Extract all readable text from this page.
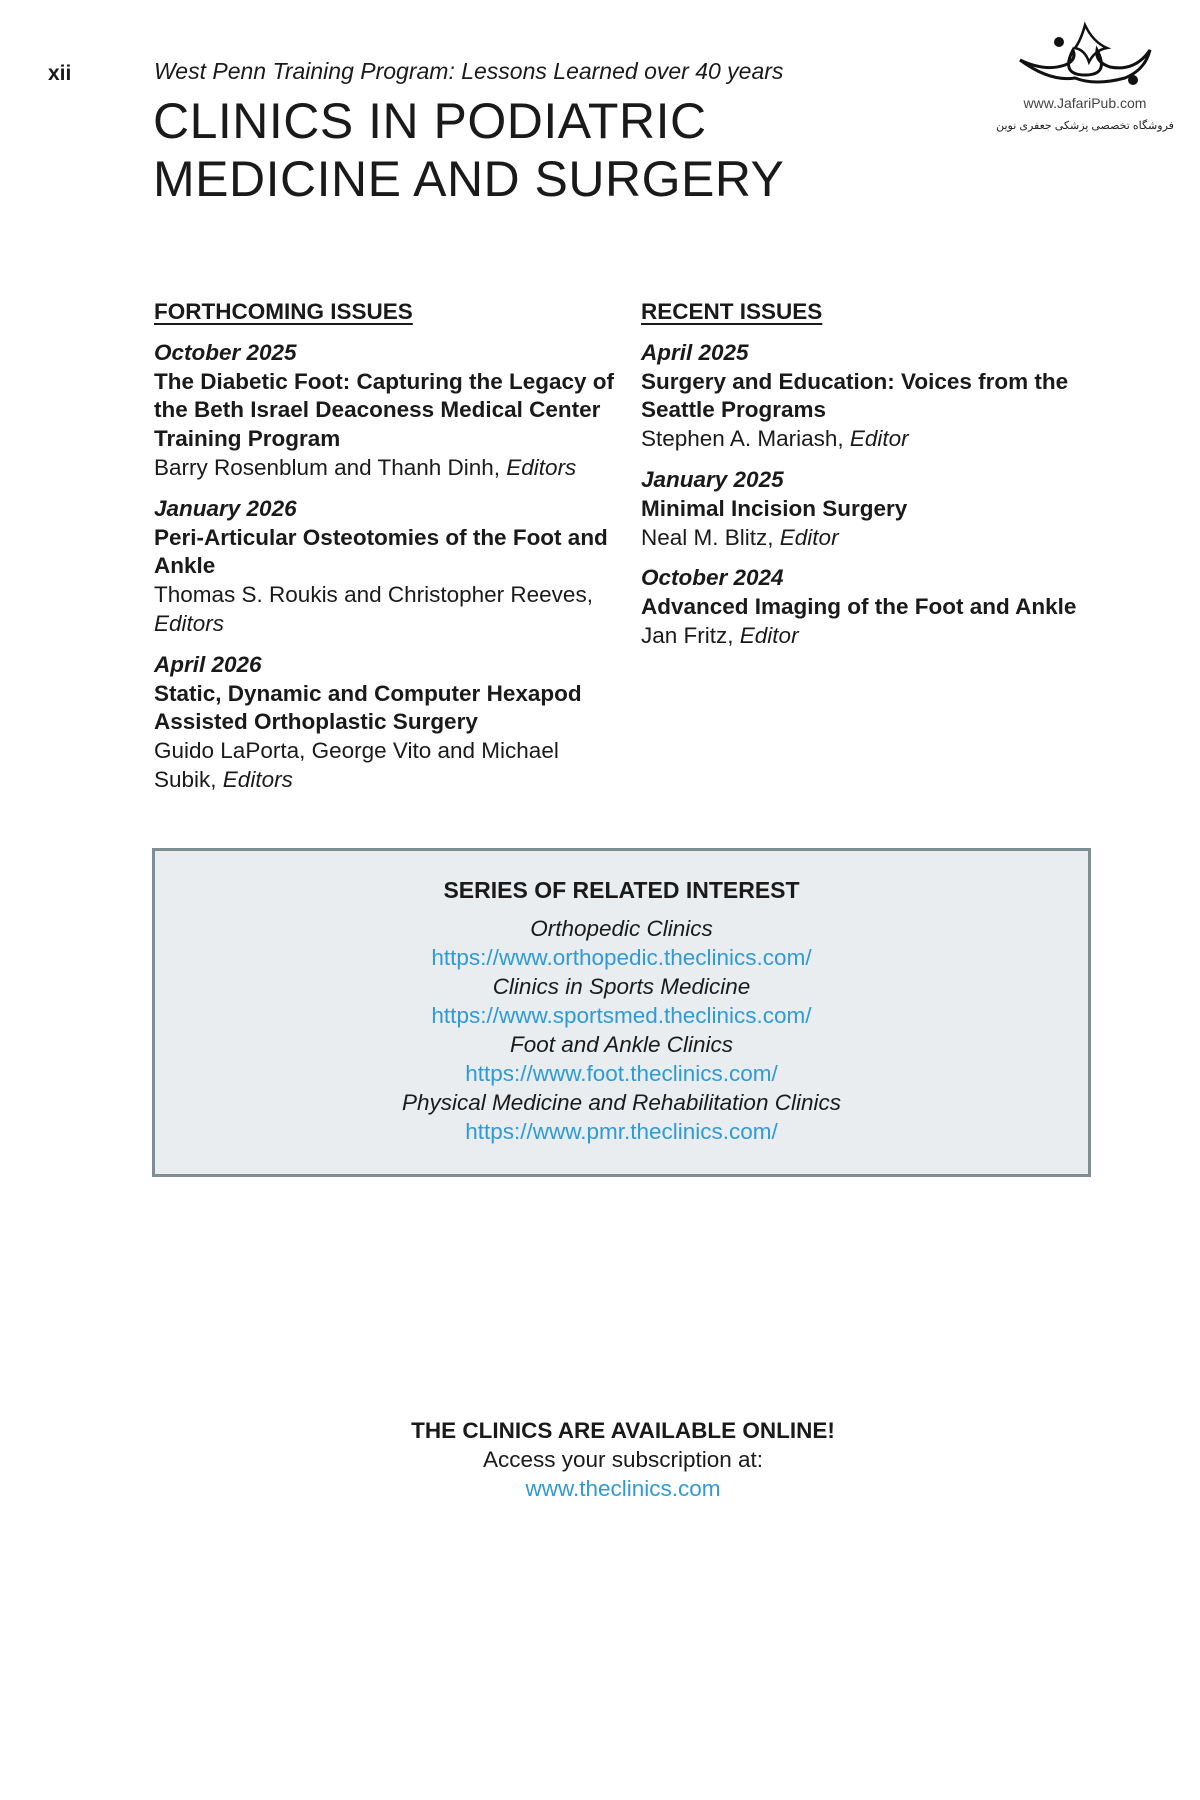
xii	West Penn Training Program: Lessons Learned over 40 years
CLINICS IN PODIATRIC
MEDICINE AND SURGERY
www.JafariPub.com
فروشگاه تخصصی پزشکی جعفری نوین
FORTHCOMING ISSUES
October 2025
The Diabetic Foot: Capturing the Legacy of the Beth Israel Deaconess Medical Center Training Program
Barry Rosenblum and Thanh Dinh, Editors
January 2026
Peri-Articular Osteotomies of the Foot and Ankle
Thomas S. Roukis and Christopher Reeves, Editors
April 2026
Static, Dynamic and Computer Hexapod Assisted Orthoplastic Surgery
Guido LaPorta, George Vito and Michael Subik, Editors
RECENT ISSUES
April 2025
Surgery and Education: Voices from the Seattle Programs
Stephen A. Mariash, Editor
January 2025
Minimal Incision Surgery
Neal M. Blitz, Editor
October 2024
Advanced Imaging of the Foot and Ankle
Jan Fritz, Editor
SERIES OF RELATED INTEREST
Orthopedic Clinics
https://www.orthopedic.theclinics.com/
Clinics in Sports Medicine
https://www.sportsmed.theclinics.com/
Foot and Ankle Clinics
https://www.foot.theclinics.com/
Physical Medicine and Rehabilitation Clinics
https://www.pmr.theclinics.com/
THE CLINICS ARE AVAILABLE ONLINE!
Access your subscription at:
www.theclinics.com
